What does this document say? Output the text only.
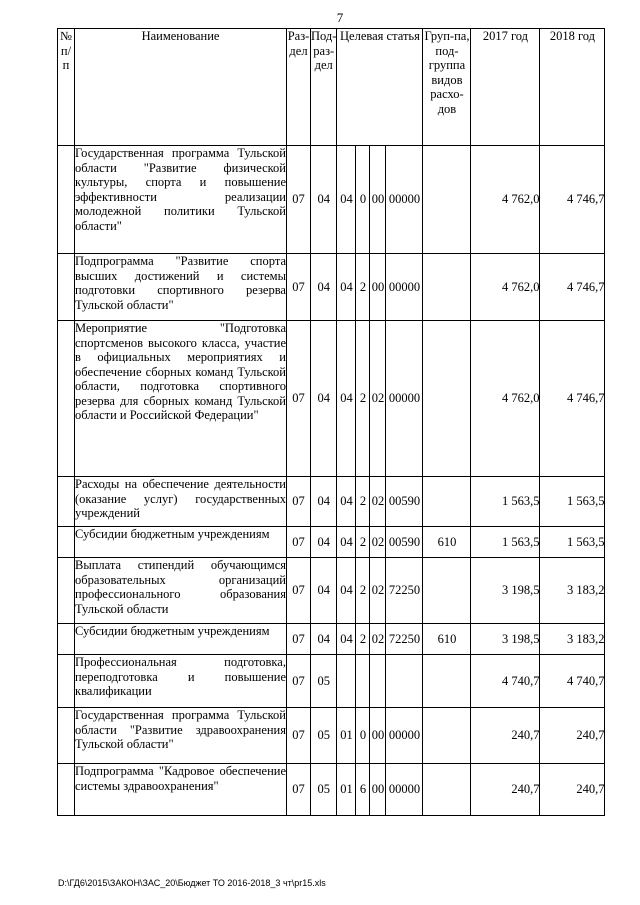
7
№ п/п	Наименование	Раз-дел	Под-раз-дел	Целевая статья				Груп-па, под-группа видов расхо-дов	2017 год	2018 год
	Государственная программа Тульской области "Развитие физической культуры, спорта и повышение эффективности реализации молодежной политики Тульской области"	07	04	04	0	00	00000		4 762,0	4 746,7
	Подпрограмма "Развитие спорта высших достижений и системы подготовки спортивного резерва Тульской области"	07	04	04	2	00	00000		4 762,0	4 746,7
	Мероприятие "Подготовка спортсменов высокого класса, участие в официальных мероприятиях и обеспечение сборных команд Тульской области, подготовка спортивного резерва для сборных команд Тульской области и Российской Федерации"	07	04	04	2	02	00000		4 762,0	4 746,7
	Расходы на обеспечение деятельности (оказание услуг) государственных учреждений	07	04	04	2	02	00590		1 563,5	1 563,5
	Субсидии бюджетным учреждениям	07	04	04	2	02	00590	610	1 563,5	1 563,5
	Выплата стипендий обучающимся образовательных организаций профессионального образования Тульской области	07	04	04	2	02	72250		3 198,5	3 183,2
	Субсидии бюджетным учреждениям	07	04	04	2	02	72250	610	3 198,5	3 183,2
	Профессиональная подготовка, переподготовка и повышение квалификации	07	05						4 740,7	4 740,7
	Государственная программа Тульской области "Развитие здравоохранения Тульской области"	07	05	01	0	00	00000		240,7	240,7
	Подпрограмма "Кадровое обеспечение системы здравоохранения"	07	05	01	6	00	00000		240,7	240,7
D:\ГД6\2015\ЗАКОН\ЗАС_20\Бюджет ТО 2016-2018_3 чт\pr15.xls
